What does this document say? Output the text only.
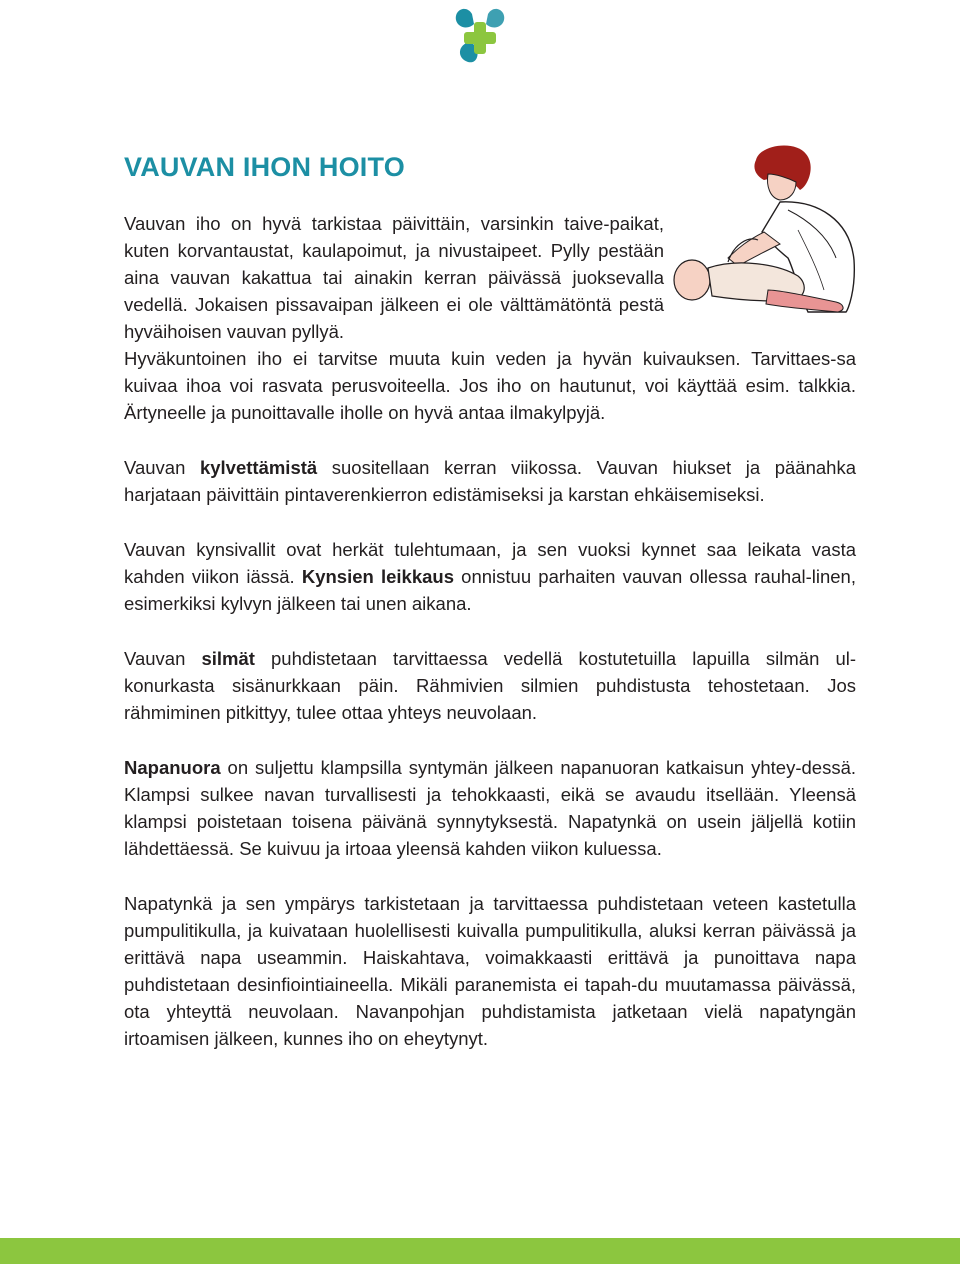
VAUVAN IHON HOITO

Vauvan iho on hyvä tarkistaa päivittäin, varsinkin taive-paikat, kuten korvantaustat, kaulapoimut, ja nivustaipeet. Pylly pestään aina vauvan kakattua tai ainakin kerran päivässä juoksevalla vedellä. Jokaisen pissavaipan jälkeen ei ole välttämätöntä pestä hyväihoisen vauvan pyllyä.

Hyväkuntoinen iho ei tarvitse muuta kuin veden ja hyvän kuivauksen. Tarvittaes-sa kuivaa ihoa voi rasvata perusvoiteella. Jos iho on hautunut, voi käyttää esim. talkkia. Ärtyneelle ja punoittavalle iholle on hyvä antaa ilmakylpyjä.

Vauvan kylvettämistä suositellaan kerran viikossa. Vauvan hiukset ja päänahka harjataan päivittäin pintaverenkierron edistämiseksi ja karstan ehkäisemiseksi.

Vauvan kynsivallit ovat herkät tulehtumaan, ja sen vuoksi kynnet saa leikata vasta kahden viikon iässä. Kynsien leikkaus onnistuu parhaiten vauvan ollessa rauhal-linen, esimerkiksi kylvyn jälkeen tai unen aikana.

Vauvan silmät puhdistetaan tarvittaessa vedellä kostutetuilla lapuilla silmän ul-konurkasta sisänurkkaan päin. Rähmivien silmien puhdistusta tehostetaan. Jos rähmiminen pitkittyy, tulee ottaa yhteys neuvolaan.

Napanuora on suljettu klampsilla syntymän jälkeen napanuoran katkaisun yhtey-dessä. Klampsi sulkee navan turvallisesti ja tehokkaasti, eikä se avaudu itsellään. Yleensä klampsi poistetaan toisena päivänä synnytyksestä. Napatynkä on usein jäljellä kotiin lähdettäessä. Se kuivuu ja irtoaa yleensä kahden viikon kuluessa.

Napatynkä ja sen ympärys tarkistetaan ja tarvittaessa puhdistetaan veteen kastetulla pumpulitikulla, ja kuivataan huolellisesti kuivalla pumpulitikulla, aluksi kerran päivässä ja erittävä napa useammin. Haiskahtava, voimakkaasti erittävä ja punoittava napa puhdistetaan desinfiointiaineella. Mikäli paranemista ei tapah-du muutamassa päivässä, ota yhteyttä neuvolaan. Navanpohjan puhdistamista jatketaan vielä napatyngän irtoamisen jälkeen, kunnes iho on eheytynyt.
